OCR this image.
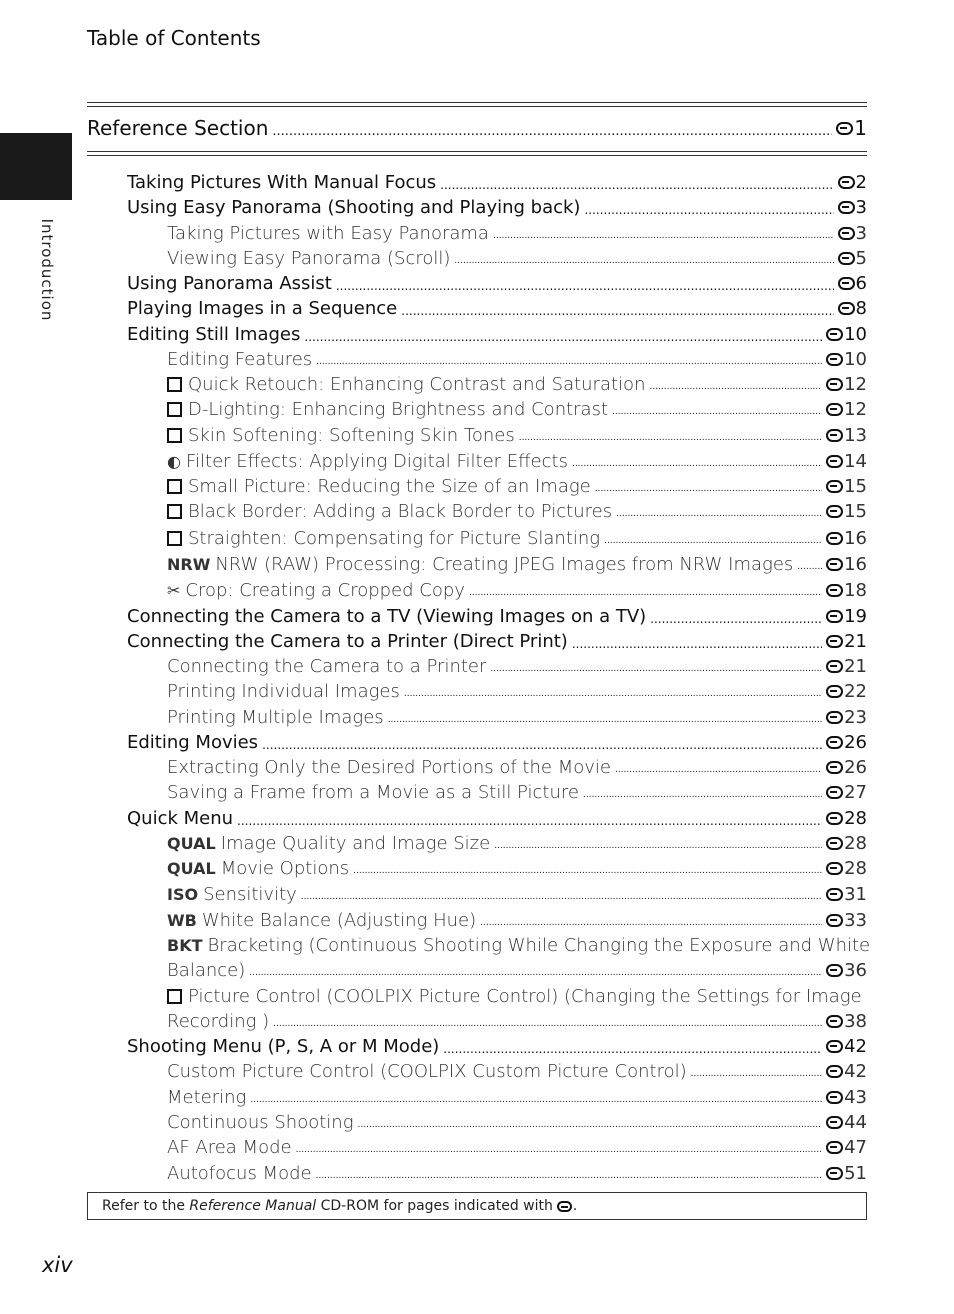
Table of Contents
Introduction
Reference Section .....	1
Taking Pictures With Manual Focus .....	2
Using Easy Panorama (Shooting and Playing back) .....	3
Taking Pictures with Easy Panorama .....	3
Viewing Easy Panorama (Scroll) .....	5
Using Panorama Assist .....	6
Playing Images in a Sequence .....	8
Editing Still Images .....	10
Editing Features .....	10
Quick Retouch: Enhancing Contrast and Saturation .....	12
D-Lighting: Enhancing Brightness and Contrast .....	12
Skin Softening: Softening Skin Tones .....	13
◐ Filter Effects: Applying Digital Filter Effects .....	14
Small Picture: Reducing the Size of an Image .....	15
Black Border: Adding a Black Border to Pictures .....	15
Straighten: Compensating for Picture Slanting .....	16
NRW NRW (RAW) Processing: Creating JPEG Images from NRW Images .....	16
✂ Crop: Creating a Cropped Copy .....	18
Connecting the Camera to a TV (Viewing Images on a TV) .....	19
Connecting the Camera to a Printer (Direct Print) .....	21
Connecting the Camera to a Printer .....	21
Printing Individual Images .....	22
Printing Multiple Images .....	23
Editing Movies .....	26
Extracting Only the Desired Portions of the Movie .....	26
Saving a Frame from a Movie as a Still Picture .....	27
Quick Menu .....	28
QUAL Image Quality and Image Size .....	28
QUAL Movie Options .....	28
ISO Sensitivity .....	31
WB White Balance (Adjusting Hue) .....	33
BKT Bracketing (Continuous Shooting While Changing the Exposure and White
Balance) .....	36
Picture Control (COOLPIX Picture Control) (Changing the Settings for Image
Recording ) .....	38
Shooting Menu (P, S, A or M Mode) .....	42
Custom Picture Control (COOLPIX Custom Picture Control) .....	42
Metering .....	43
Continuous Shooting .....	44
AF Area Mode .....	47
Autofocus Mode .....	51
Refer to the
Reference Manual
CD-ROM for pages indicated with .
xiv
